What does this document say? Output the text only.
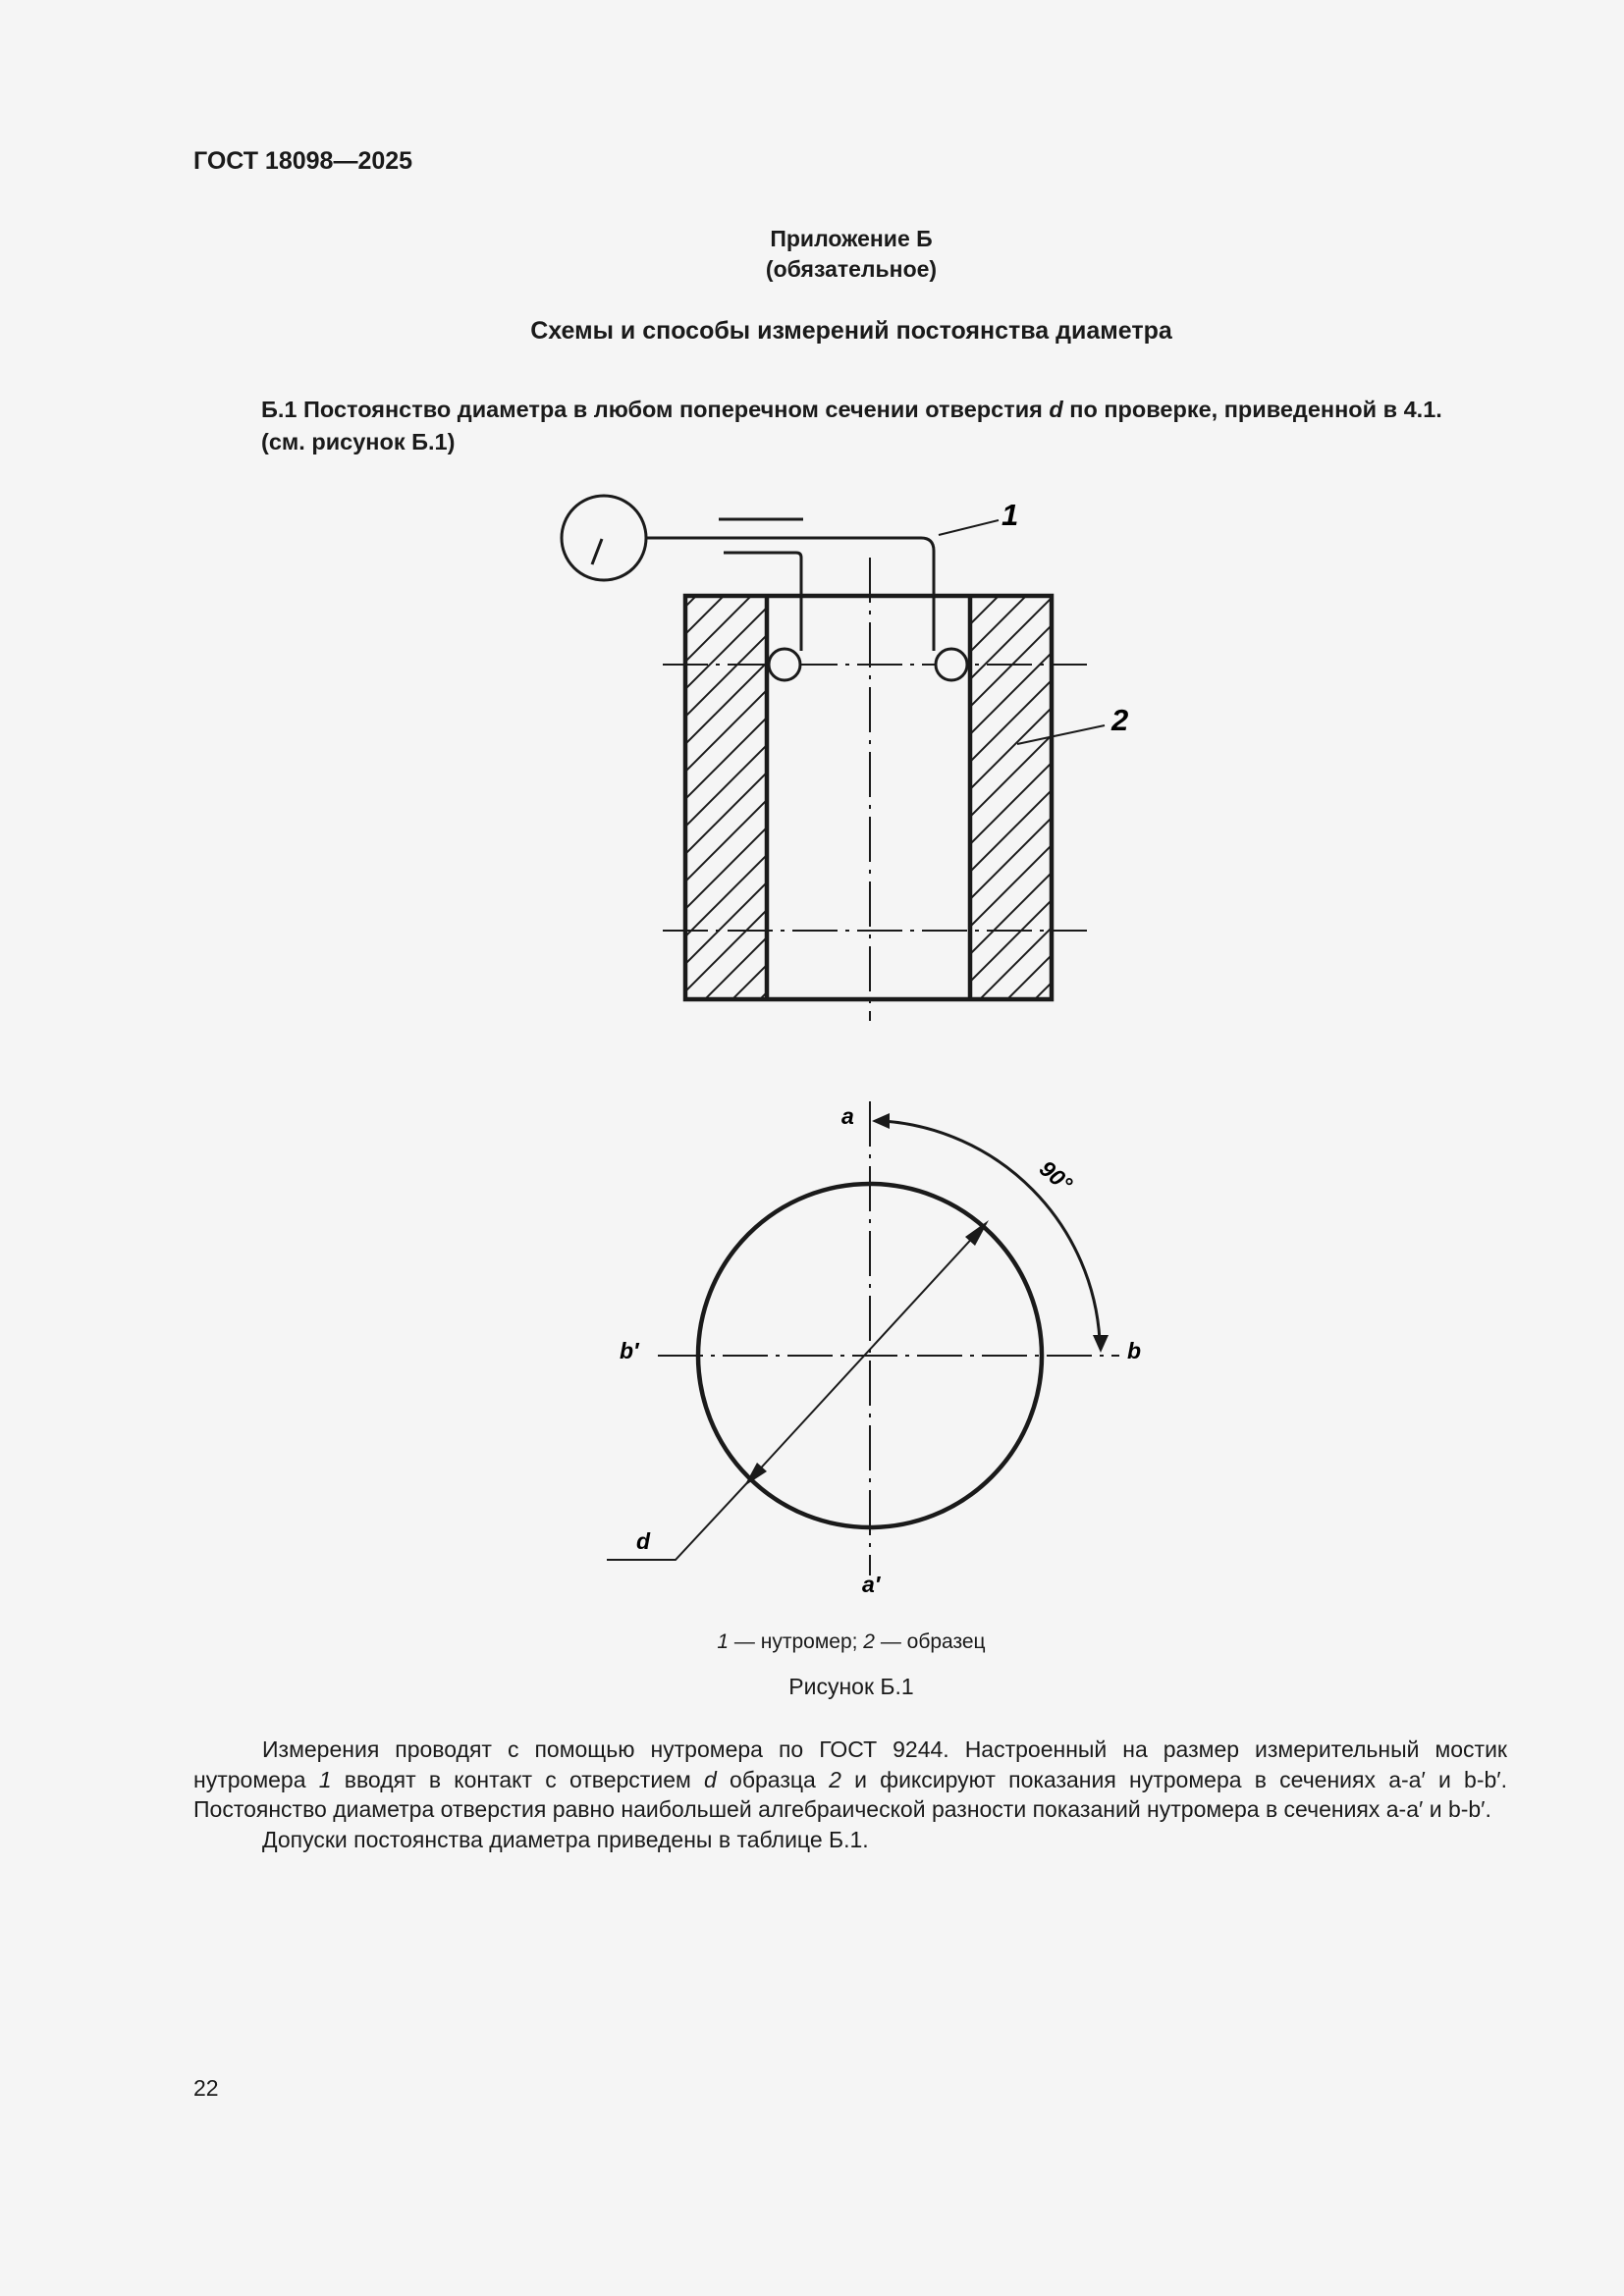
ГОСТ 18098—2025
Приложение Б
(обязательное)
Схемы и способы измерений постоянства диаметра
Б.1 Постоянство диаметра в любом поперечном сечении отверстия d по проверке, приведенной в 4.1. (см. рисунок Б.1)
1
2
a
a′
b
b′
d
90°
1 — нутромер; 2 — образец
Рисунок Б.1

Измерения проводят с помощью нутромера по ГОСТ 9244. Настроенный на размер измерительный мостик нутромера 1 вводят в контакт с отверстием d образца 2 и фиксируют показания нутромера в сечениях a-a′ и b-b′. Постоянство диаметра отверстия равно наибольшей алгебраической разности показаний нутромера в сечениях a-a′ и b-b′.

Допуски постоянства диаметра приведены в таблице Б.1.

22
